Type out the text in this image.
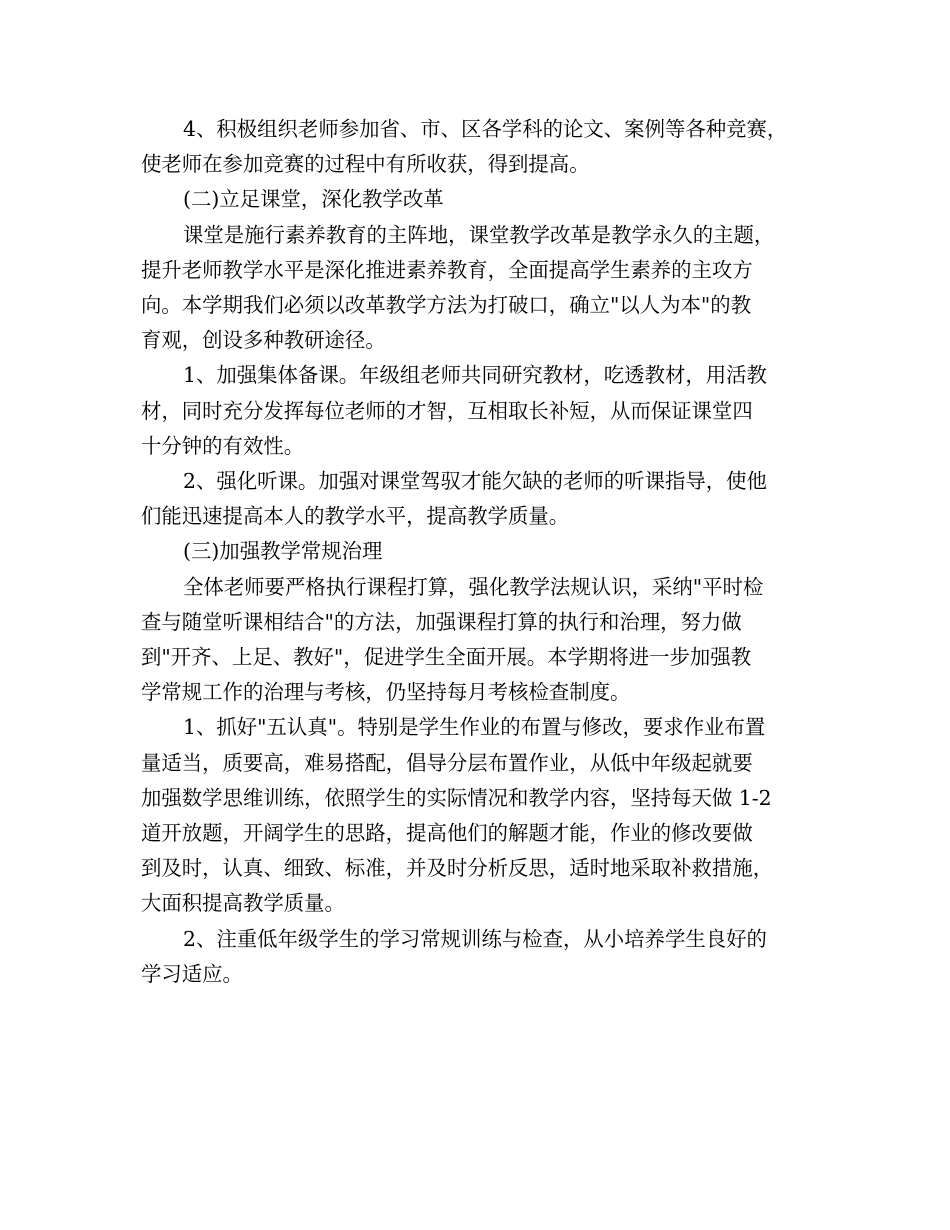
4、积极组织老师参加省、市、区各学科的论文、案例等各种竞赛，
使老师在参加竞赛的过程中有所收获，得到提高。

(二)立足课堂，深化教学改革

课堂是施行素养教育的主阵地，课堂教学改革是教学永久的主题，
提升老师教学水平是深化推进素养教育，全面提高学生素养的主攻方
向。本学期我们必须以改革教学方法为打破口，确立"以人为本"的教
育观，创设多种教研途径。

1、加强集体备课。年级组老师共同研究教材，吃透教材，用活教
材，同时充分发挥每位老师的才智，互相取长补短，从而保证课堂四
十分钟的有效性。

2、强化听课。加强对课堂驾驭才能欠缺的老师的听课指导，使他
们能迅速提高本人的教学水平，提高教学质量。

(三)加强教学常规治理

全体老师要严格执行课程打算，强化教学法规认识，采纳"平时检
查与随堂听课相结合"的方法，加强课程打算的执行和治理，努力做
到"开齐、上足、教好"，促进学生全面开展。本学期将进一步加强教
学常规工作的治理与考核，仍坚持每月考核检查制度。

1、抓好"五认真"。特别是学生作业的布置与修改，要求作业布置
量适当，质要高，难易搭配，倡导分层布置作业，从低中年级起就要
加强数学思维训练，依照学生的实际情况和教学内容，坚持每天做 1-2
道开放题，开阔学生的思路，提高他们的解题才能，作业的修改要做
到及时，认真、细致、标准，并及时分析反思，适时地采取补救措施，
大面积提高教学质量。

2、注重低年级学生的学习常规训练与检查，从小培养学生良好的
学习适应。
